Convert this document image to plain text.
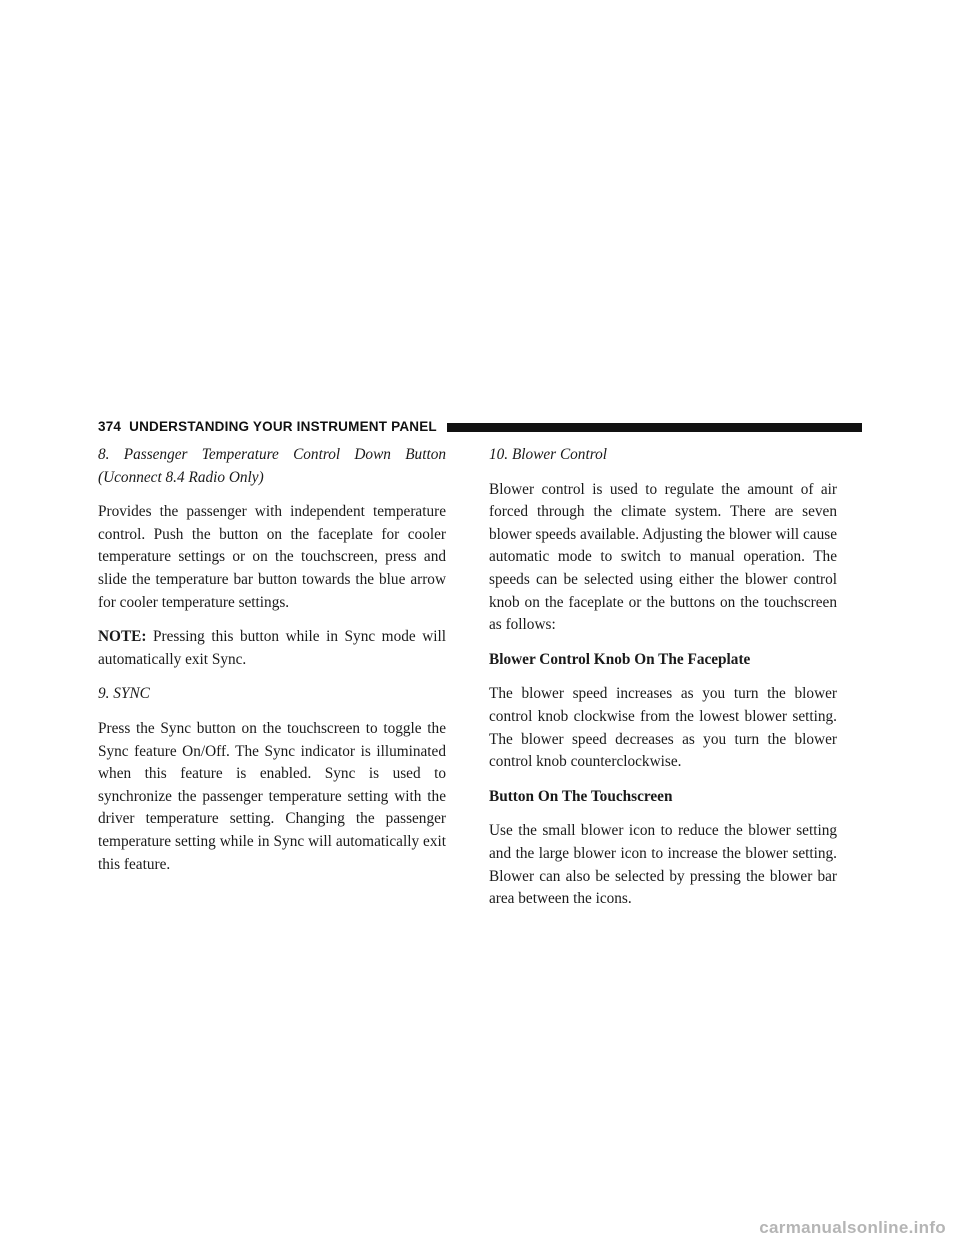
374 UNDERSTANDING YOUR INSTRUMENT PANEL

8. Passenger Temperature Control Down Button (Uconnect 8.4 Radio Only)

Provides the passenger with independent temperature control. Push the button on the faceplate for cooler temperature settings or on the touchscreen, press and slide the temperature bar button towards the blue arrow for cooler temperature settings.

NOTE: Pressing this button while in Sync mode will automatically exit Sync.

9. SYNC

Press the Sync button on the touchscreen to toggle the Sync feature On/Off. The Sync indicator is illuminated when this feature is enabled. Sync is used to synchronize the passenger temperature setting with the driver temperature setting. Changing the passenger temperature setting while in Sync will automatically exit this feature.

10. Blower Control

Blower control is used to regulate the amount of air forced through the climate system. There are seven blower speeds available. Adjusting the blower will cause automatic mode to switch to manual operation. The speeds can be selected using either the blower control knob on the faceplate or the buttons on the touchscreen as follows:

Blower Control Knob On The Faceplate

The blower speed increases as you turn the blower control knob clockwise from the lowest blower setting. The blower speed decreases as you turn the blower control knob counterclockwise.

Button On The Touchscreen

Use the small blower icon to reduce the blower setting and the large blower icon to increase the blower setting. Blower can also be selected by pressing the blower bar area between the icons.

carmanualsonline.info
